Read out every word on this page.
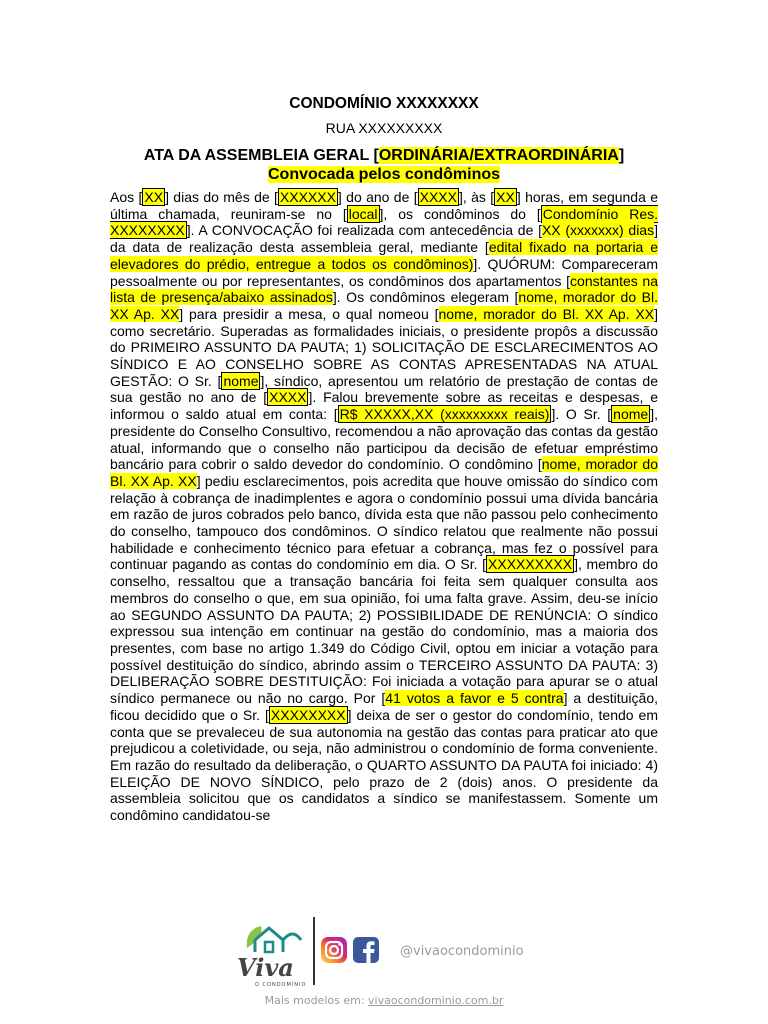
CONDOMÍNIO XXXXXXXX
RUA XXXXXXXXX
ATA DA ASSEMBLEIA GERAL [ORDINÁRIA/EXTRAORDINÁRIA]
Convocada pelos condôminos

Aos [ XX ] dias do mês de [ XXXXXX ] do ano de [ XXXX ], às [ XX ] horas, em segunda e última chamada, reuniram-se no [ local ], os condôminos do [ Condomínio Res. XXXXXXXX ]. A CONVOCAÇÃO foi realizada com antecedência de [XX (xxxxxxx) dias] da data de realização desta assembleia geral, mediante [edital fixado na portaria e elevadores do prédio, entregue a todos os condôminos)]. QUÓRUM: Compareceram pessoalmente ou por representantes, os condôminos dos apartamentos [constantes na lista de presença/abaixo assinados]. Os condôminos elegeram [nome, morador do Bl. XX Ap. XX] para presidir a mesa, o qual nomeou [nome, morador do Bl. XX Ap. XX] como secretário. Superadas as formalidades iniciais, o presidente propôs a discussão do PRIMEIRO ASSUNTO DA PAUTA; 1) SOLICITAÇÃO DE ESCLARECIMENTOS AO SÍNDICO E AO CONSELHO SOBRE AS CONTAS APRESENTADAS NA ATUAL GESTÃO: O Sr. [ nome ], síndico, apresentou um relatório de prestação de contas de sua gestão no ano de [ XXXX ]. Falou brevemente sobre as receitas e despesas, e informou o saldo atual em conta: [ R$ XXXXX,XX (xxxxxxxxx reais) ]. O Sr. [ nome ], presidente do Conselho Consultivo, recomendou a não aprovação das contas da gestão atual, informando que o conselho não participou da decisão de efetuar empréstimo bancário para cobrir o saldo devedor do condomínio. O condômino [nome, morador do Bl. XX Ap. XX] pediu esclarecimentos, pois acredita que houve omissão do síndico com relação à cobrança de inadimplentes e agora o condomínio possui uma dívida bancária em razão de juros cobrados pelo banco, dívida esta que não passou pelo conhecimento do conselho, tampouco dos condôminos. O síndico relatou que realmente não possui habilidade e conhecimento técnico para efetuar a cobrança, mas fez o possível para continuar pagando as contas do condomínio em dia. O Sr. [ XXXXXXXXX ], membro do conselho, ressaltou que a transação bancária foi feita sem qualquer consulta aos membros do conselho o que, em sua opinião, foi uma falta grave. Assim, deu-se início ao SEGUNDO ASSUNTO DA PAUTA; 2) POSSIBILIDADE DE RENÚNCIA: O síndico expressou sua intenção em continuar na gestão do condomínio, mas a maioria dos presentes, com base no artigo 1.349 do Código Civil, optou em iniciar a votação para possível destituição do síndico, abrindo assim o TERCEIRO ASSUNTO DA PAUTA: 3) DELIBERAÇÃO SOBRE DESTITUIÇÃO: Foi iniciada a votação para apurar se o atual síndico permanece ou não no cargo. Por [41 votos a favor e 5 contra] a destituição, ficou decidido que o Sr. [ XXXXXXXX ] deixa de ser o gestor do condomínio, tendo em conta que se prevaleceu de sua autonomia na gestão das contas para praticar ato que prejudicou a coletividade, ou seja, não administrou o condomínio de forma conveniente. Em razão do resultado da deliberação, o QUARTO ASSUNTO DA PAUTA foi iniciado: 4) ELEIÇÃO DE NOVO SÍNDICO, pelo prazo de 2 (dois) anos. O presidente da assembleia solicitou que os candidatos a síndico se manifestassem. Somente um condômino candidatou-se

Viva
O CONDOMÍNIO
@vivaocondominio
Mais modelos em: vivaocondominio.com.br
